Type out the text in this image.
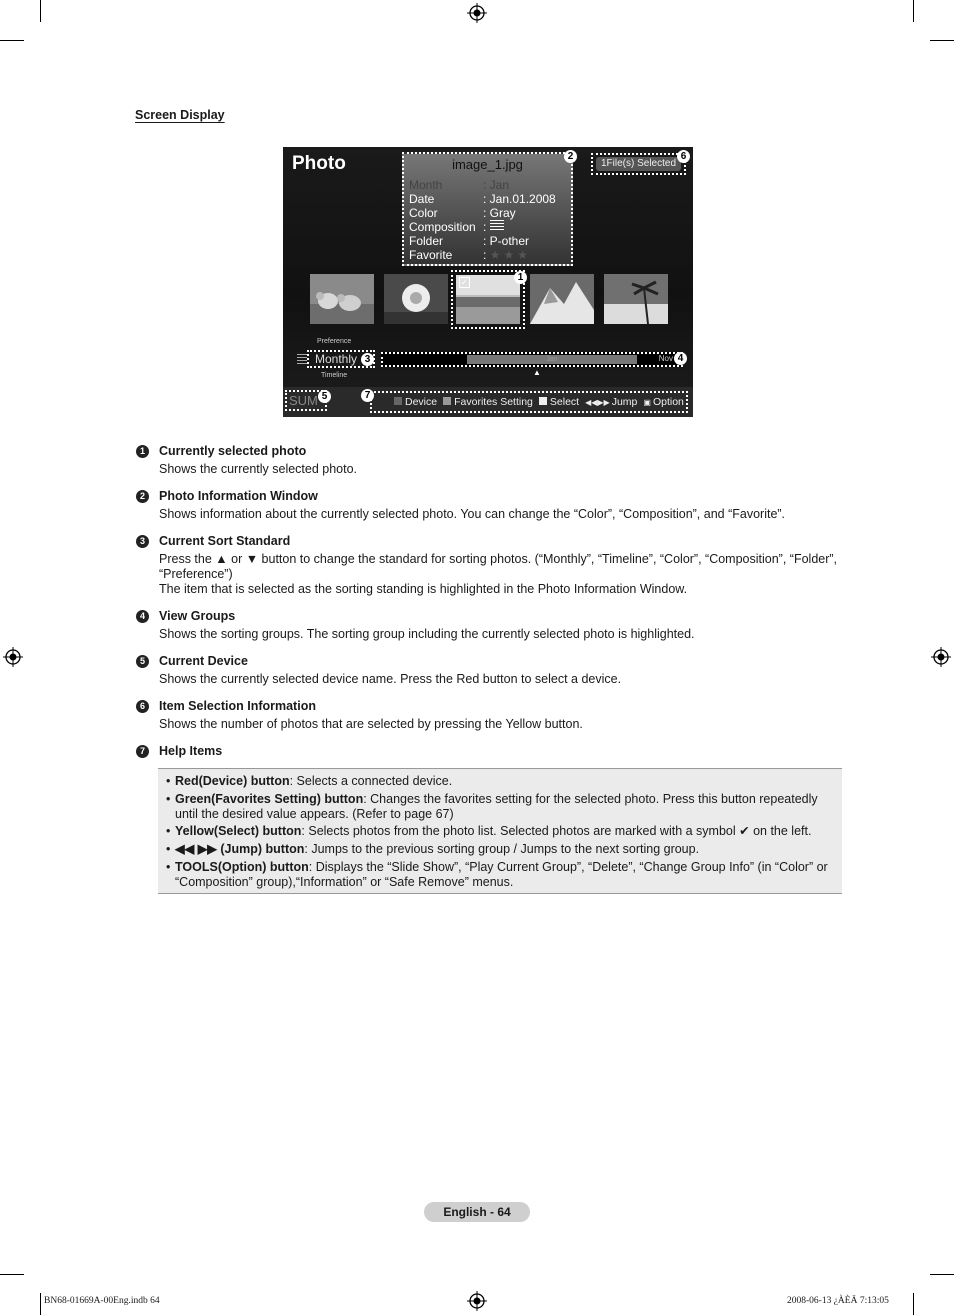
Screen Display
Photo	image_1.jpg
Month	: Jan
Date	: Jan.01.2008
Color	: Gray
Composition :

Folder	: P-other
Favorite	:
★★★
1File(s) Selected
✓
Preference
Monthly
Timeline
Jan	Nov
▲
SUM	Device	Favorites Setting	Select ◀◀▶▶ Jump ▣ Option
1
2
3	4
5
6
7
1	Currently selected photo
Shows the currently selected photo.
2	Photo Information Window
Shows information about the currently selected photo. You can change the “Color”, “Composition”, and “Favorite”.
3	Current Sort Standard
Press the ▲ or ▼ button to change the standard for sorting photos. (“Monthly”, “Timeline”, “Color”, “Composition”, “Folder”, “Preference”)
The item that is selected as the sorting standing is highlighted in the Photo Information Window.
4	View Groups
Shows the sorting groups. The sorting group including the currently selected photo is highlighted.
5	Current Device
Shows the currently selected device name. Press the Red button to select a device.
6	Item Selection Information
Shows the number of photos that are selected by pressing the Yellow button.
7	Help Items
• Red(Device) button: Selects a connected device.
• Green(Favorites Setting) button: Changes the favorites setting for the selected photo. Press this button repeatedly until the desired value appears. (Refer to page 67)
• Yellow(Select) button: Selects photos from the photo list. Selected photos are marked with a symbol ✔ on the left.
• ◀◀ ▶▶ (Jump) button: Jumps to the previous sorting group / Jumps to the next sorting group.
• TOOLS(Option) button: Displays the “Slide Show”, “Play Current Group”, “Delete”, “Change Group Info” (in “Color” or “Composition” group),“Information” or “Safe Remove” menus.
English - 64
BN68-01669A-00Eng.indb 64	2008-06-13 ¿ÀÈÄ 7:13:05
